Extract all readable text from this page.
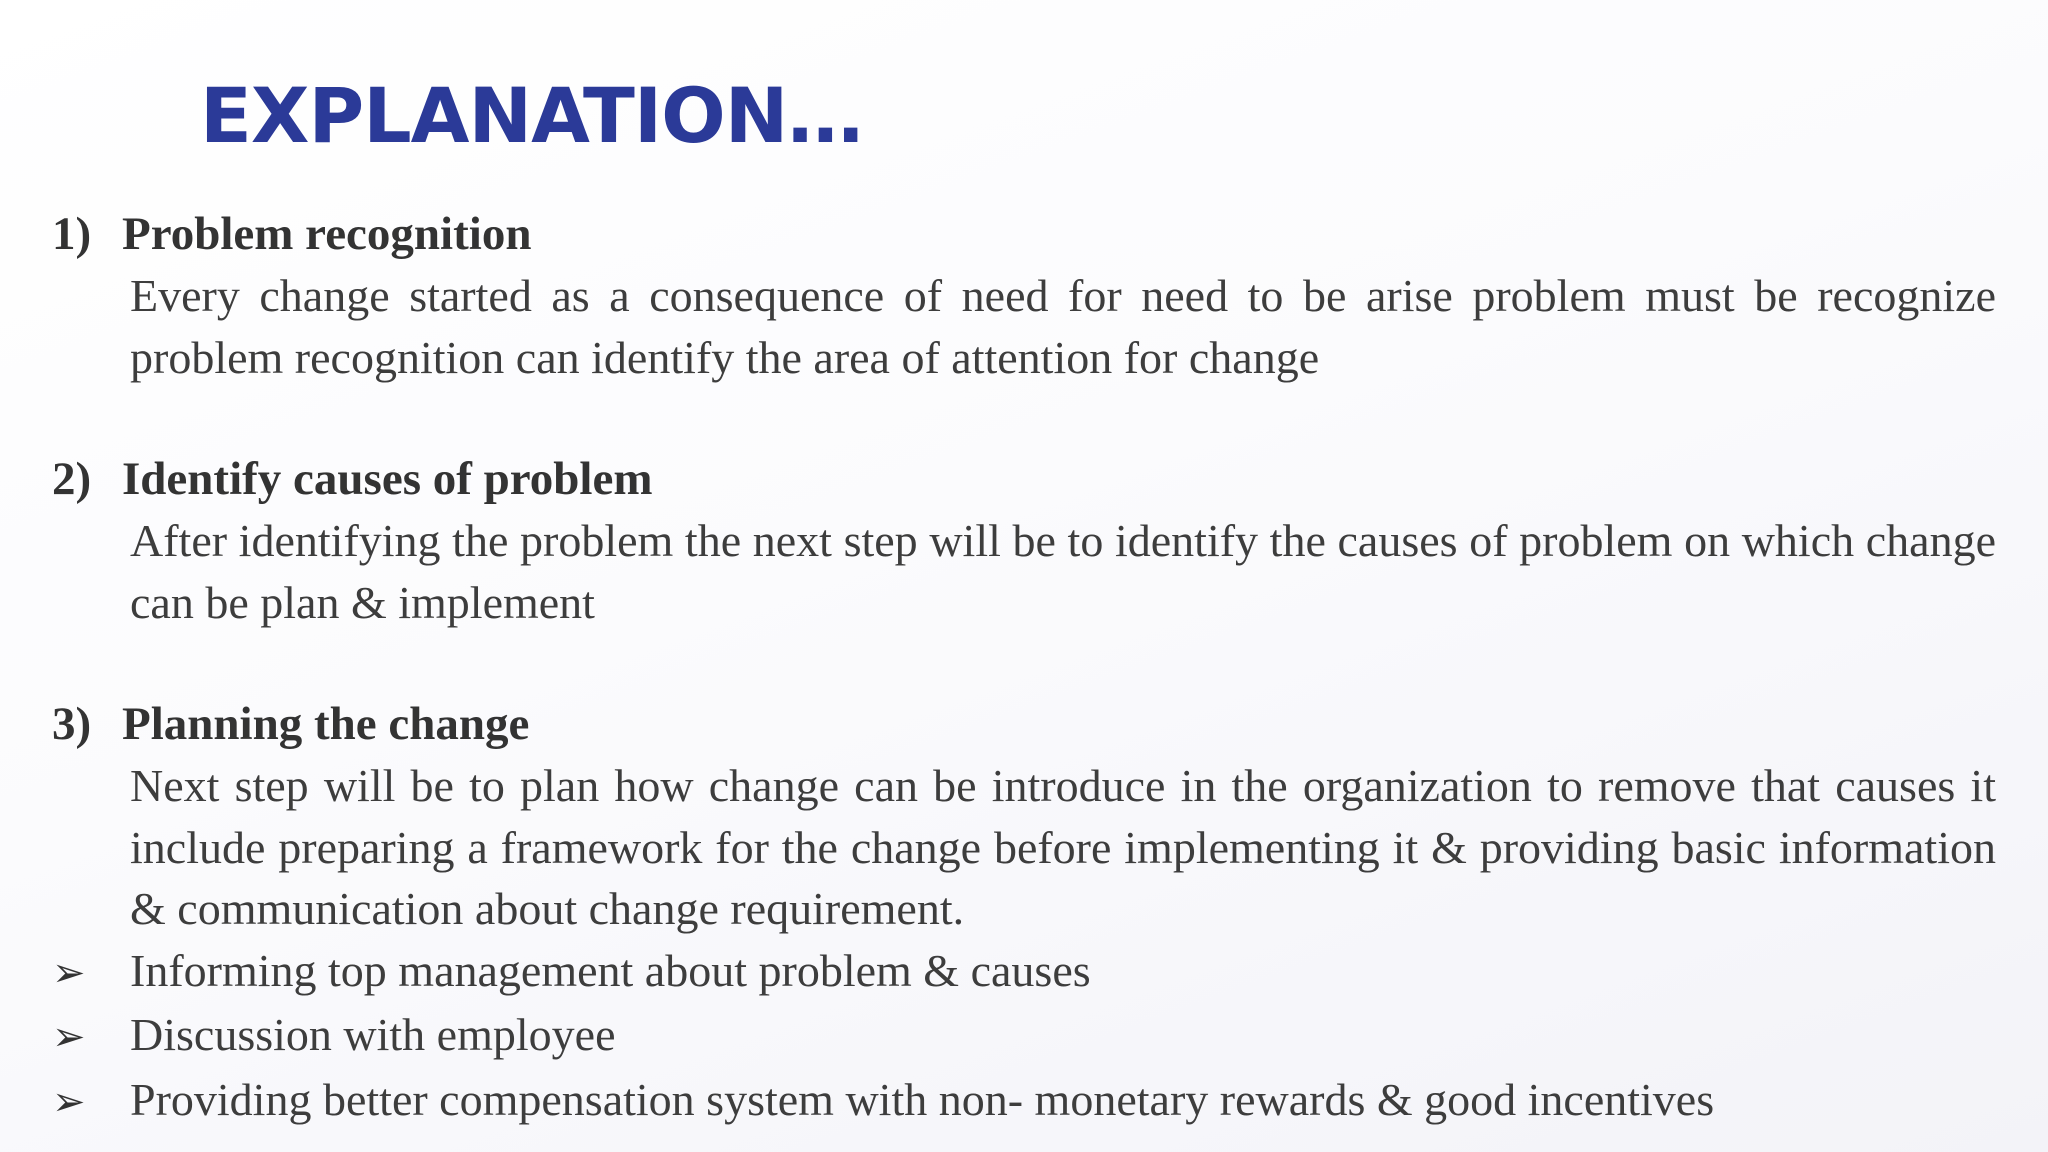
EXPLANATION…
1) Problem recognition

Every change started as a consequence of need for need to be arise problem must be recognize problem recognition can identify the area of attention for change

2) Identify causes of problem

After identifying the problem the next step will be to identify the causes of problem on which change can be plan & implement

3) Planning the change

Next step will be to plan how change can be introduce in the organization to remove that causes it include preparing a framework for the change before implementing it & providing basic information & communication about change requirement.

➢ Informing top management about problem & causes
➢ Discussion with employee
➢ Providing better compensation system with non- monetary rewards & good incentives
